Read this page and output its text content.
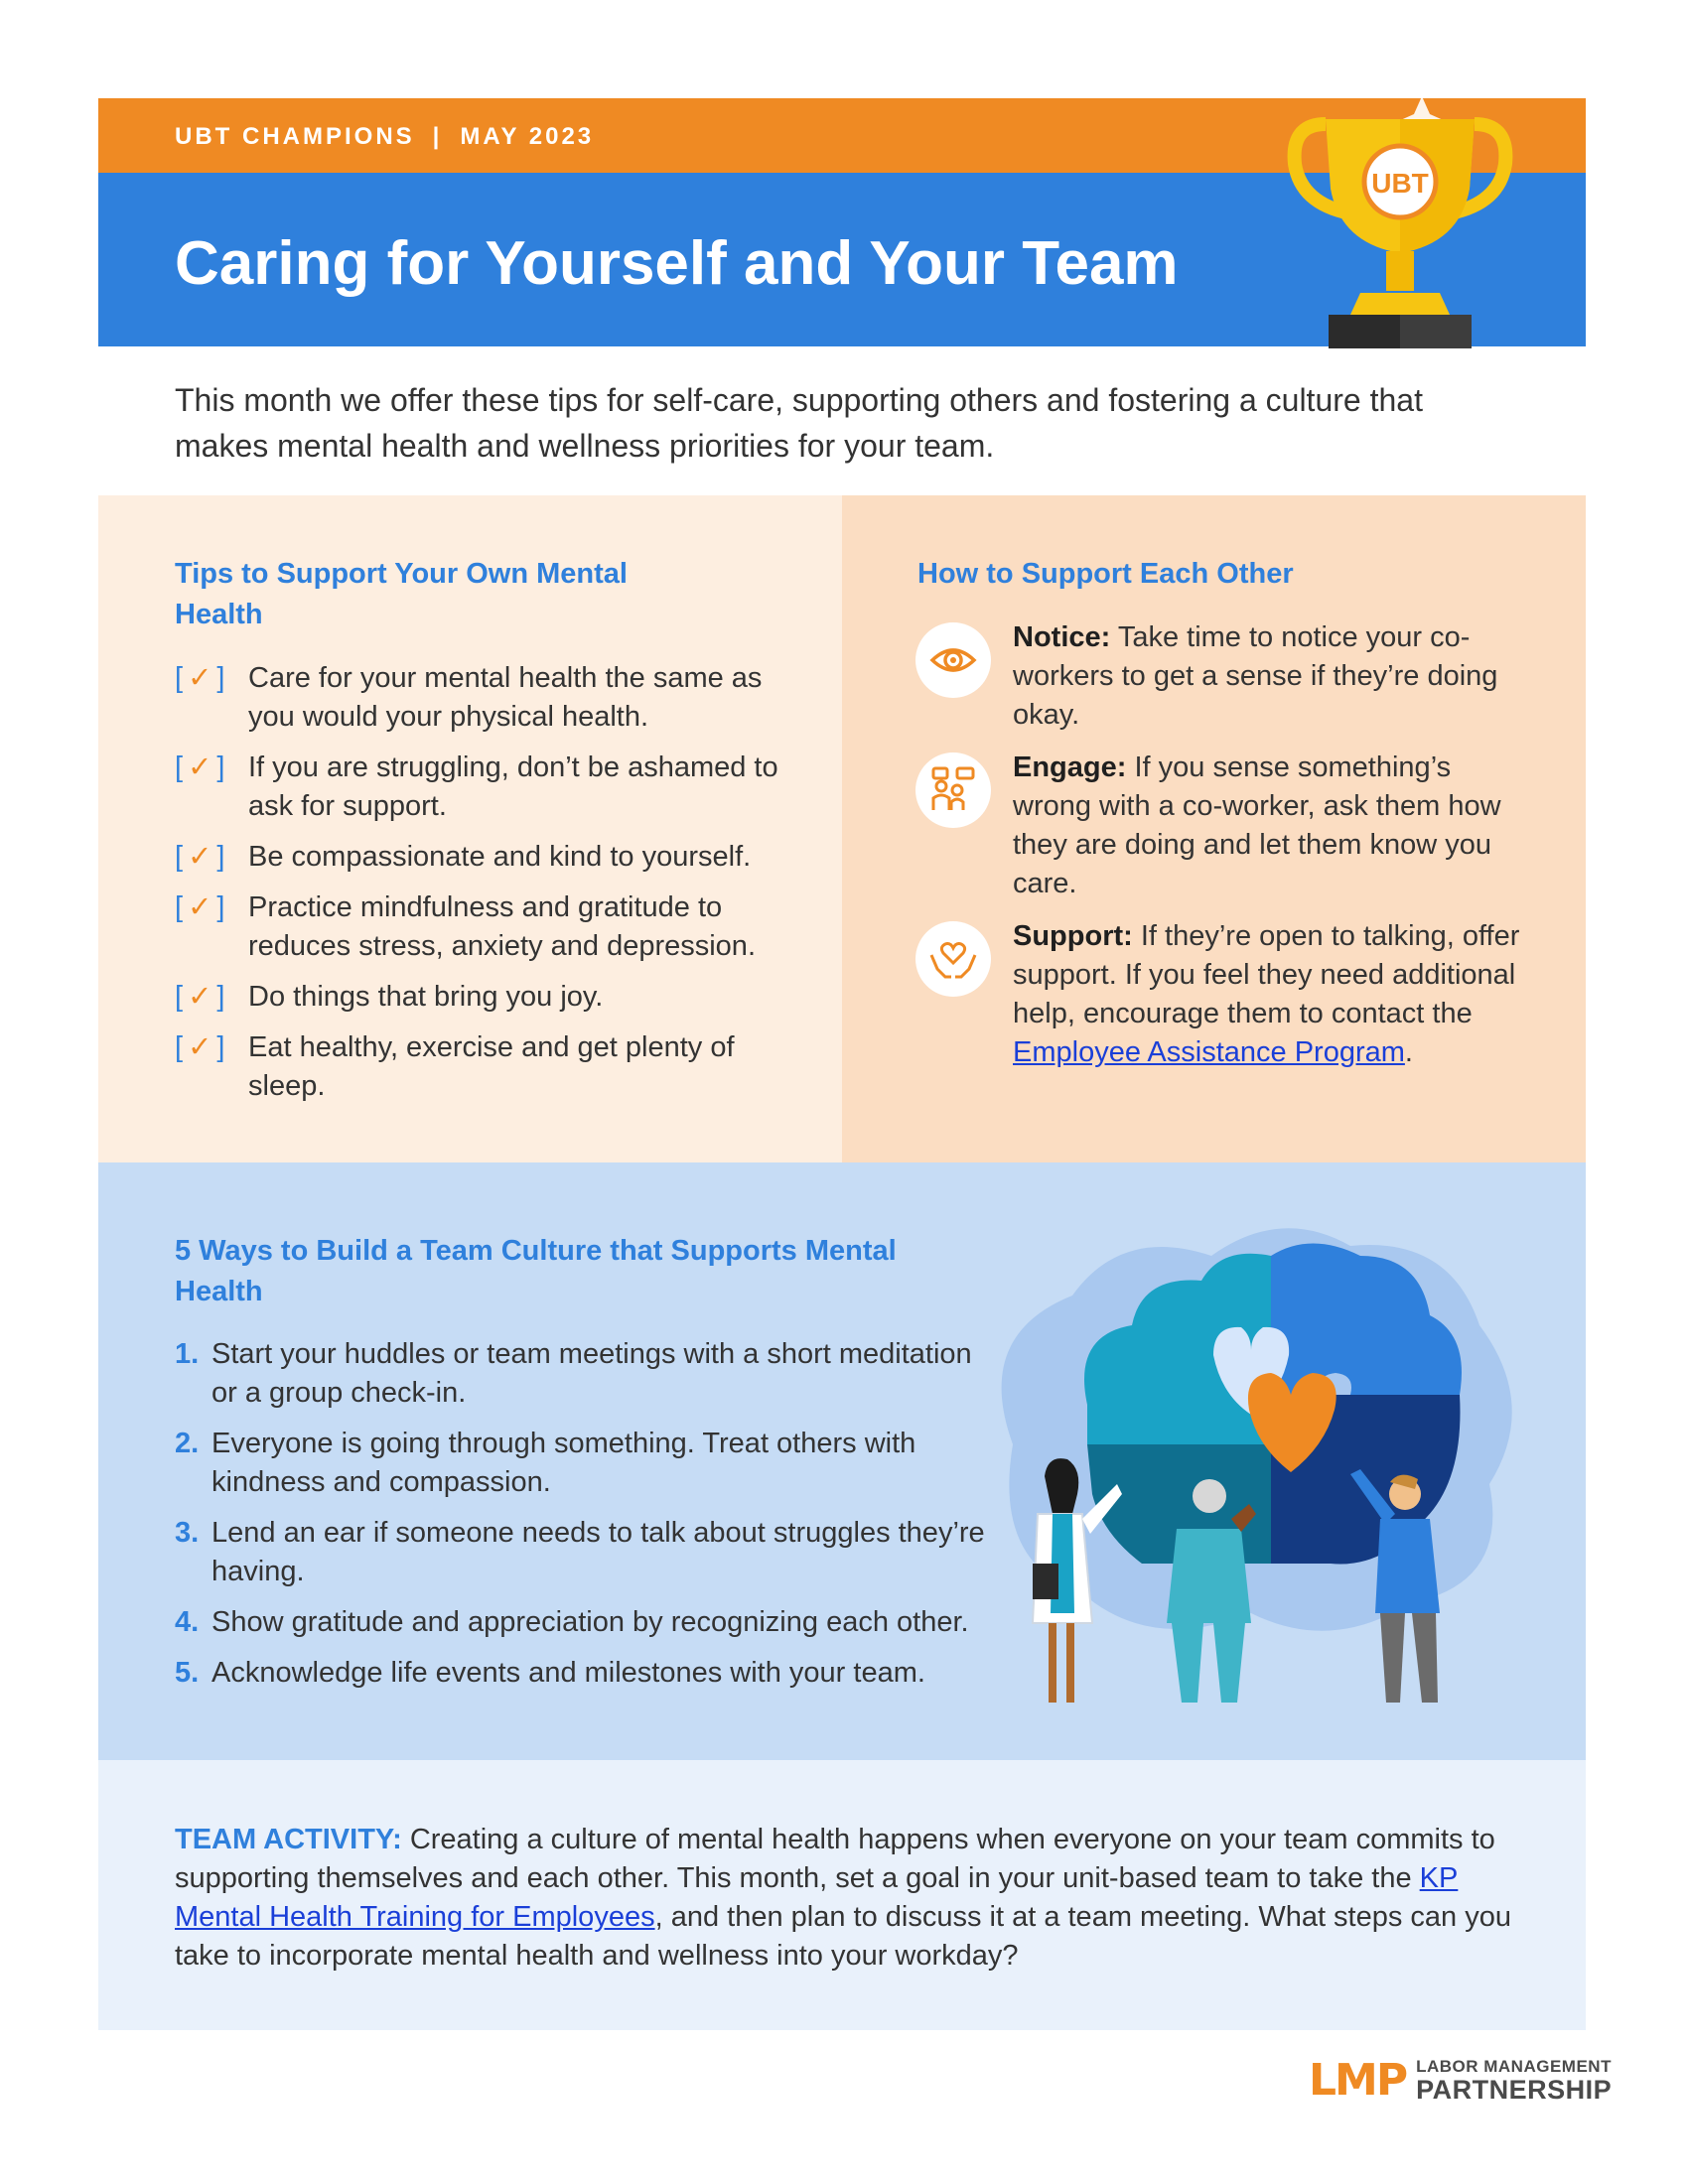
UBT CHAMPIONS | MAY 2023
Caring for Yourself and Your Team
UBT
This month we offer these tips for self-care, supporting others and fostering a culture that makes mental health and wellness priorities for your team.
Tips to Support Your Own Mental Health
[ ✓ ] Care for your mental health the same as you would your physical health.
[ ✓ ] If you are struggling, don’t be ashamed to ask for support.
[ ✓ ] Be compassionate and kind to yourself.
[ ✓ ] Practice mindfulness and gratitude to reduces stress, anxiety and depression.
[ ✓ ] Do things that bring you joy.
[ ✓ ] Eat healthy, exercise and get plenty of sleep.
How to Support Each Other
Notice: Take time to notice your co-workers to get a sense if they’re doing okay.
Engage: If you sense something’s wrong with a co-worker, ask them how they are doing and let them know you care.
Support: If they’re open to talking, offer support. If you feel they need additional help, encourage them to contact the Employee Assistance Program.
5 Ways to Build a Team Culture that Supports Mental Health
1. Start your huddles or team meetings with a short meditation or a group check-in.
2. Everyone is going through something. Treat others with kindness and compassion.
3. Lend an ear if someone needs to talk about struggles they’re having.
4. Show gratitude and appreciation by recognizing each other.
5. Acknowledge life events and milestones with your team.
TEAM ACTIVITY: Creating a culture of mental health happens when everyone on your team commits to supporting themselves and each other. This month, set a goal in your unit-based team to take the KP Mental Health Training for Employees, and then plan to discuss it at a team meeting. What steps can you take to incorporate mental health and wellness into your workday?
LMP LABOR MANAGEMENT
PARTNERSHIP
